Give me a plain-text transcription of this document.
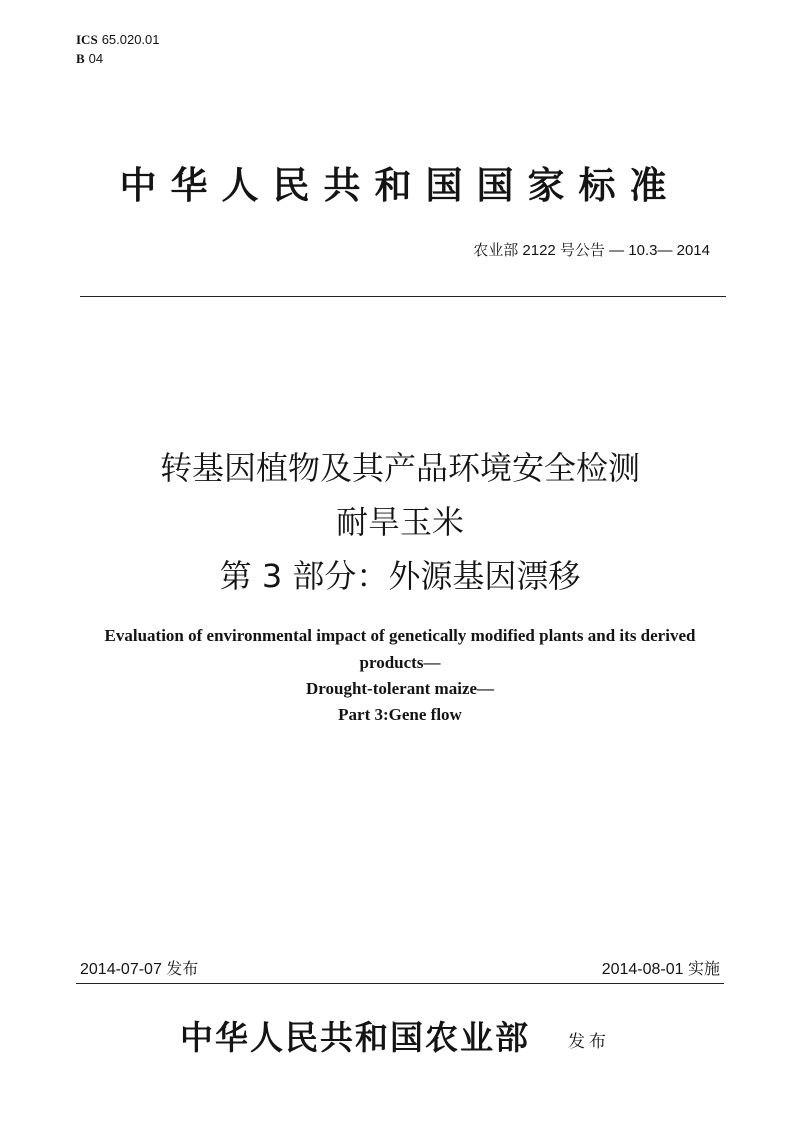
ICS 65.020.01
B 04
中华人民共和国国家标准
农业部 2122 号公告 — 10.3— 2014
转基因植物及其产品环境安全检测
耐旱玉米
第 3 部分：外源基因漂移
Evaluation of environmental impact of genetically modified plants and its derived
products—
Drought-tolerant maize—
Part 3:Gene flow
2014-07-07 发布	2014-08-01 实施
中华人民共和国农业部 发布
